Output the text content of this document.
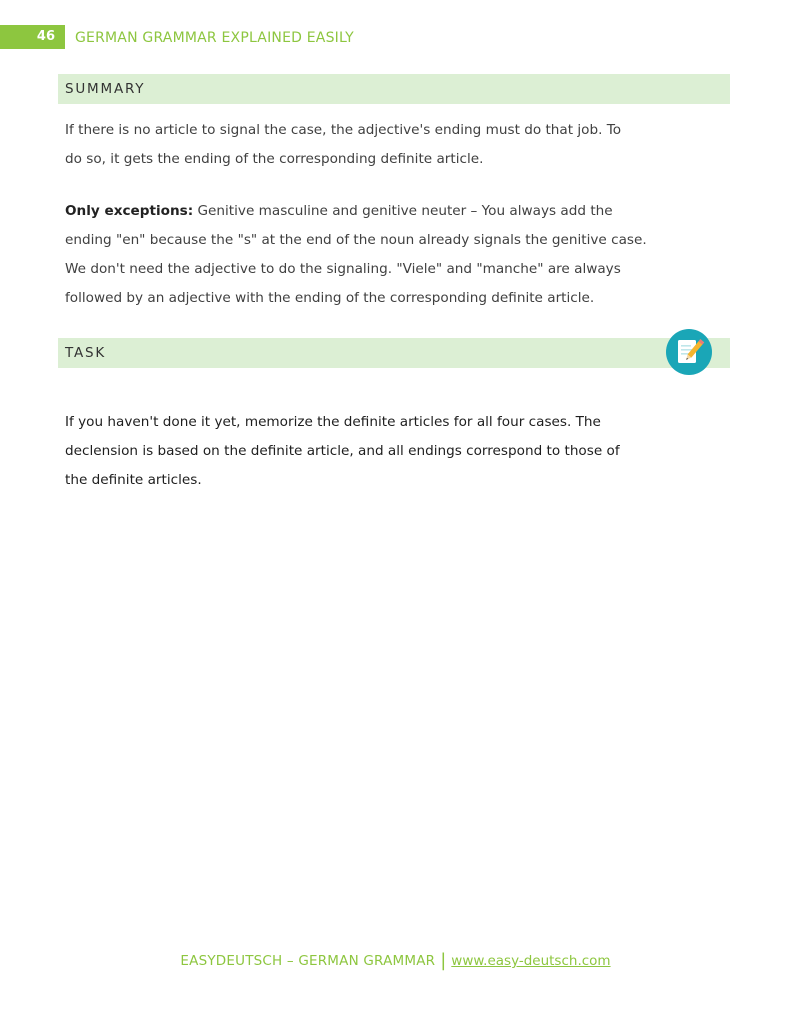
46	GERMAN GRAMMAR EXPLAINED EASILY
SUMMARY
If there is no article to signal the case, the adjective's ending must do that job. To
do so, it gets the ending of the corresponding definite article.
Only exceptions: Genitive masculine and genitive neuter – You always add the
ending "en" because the "s" at the end of the noun already signals the genitive case.
We don't need the adjective to do the signaling. "Viele" and "manche" are always
followed by an adjective with the ending of the corresponding definite article.
TASK
If you haven't done it yet, memorize the definite articles for all four cases. The
declension is based on the definite article, and all endings correspond to those of
the definite articles.
EASYDEUTSCH – GERMAN GRAMMAR | www.easy-deutsch.com
